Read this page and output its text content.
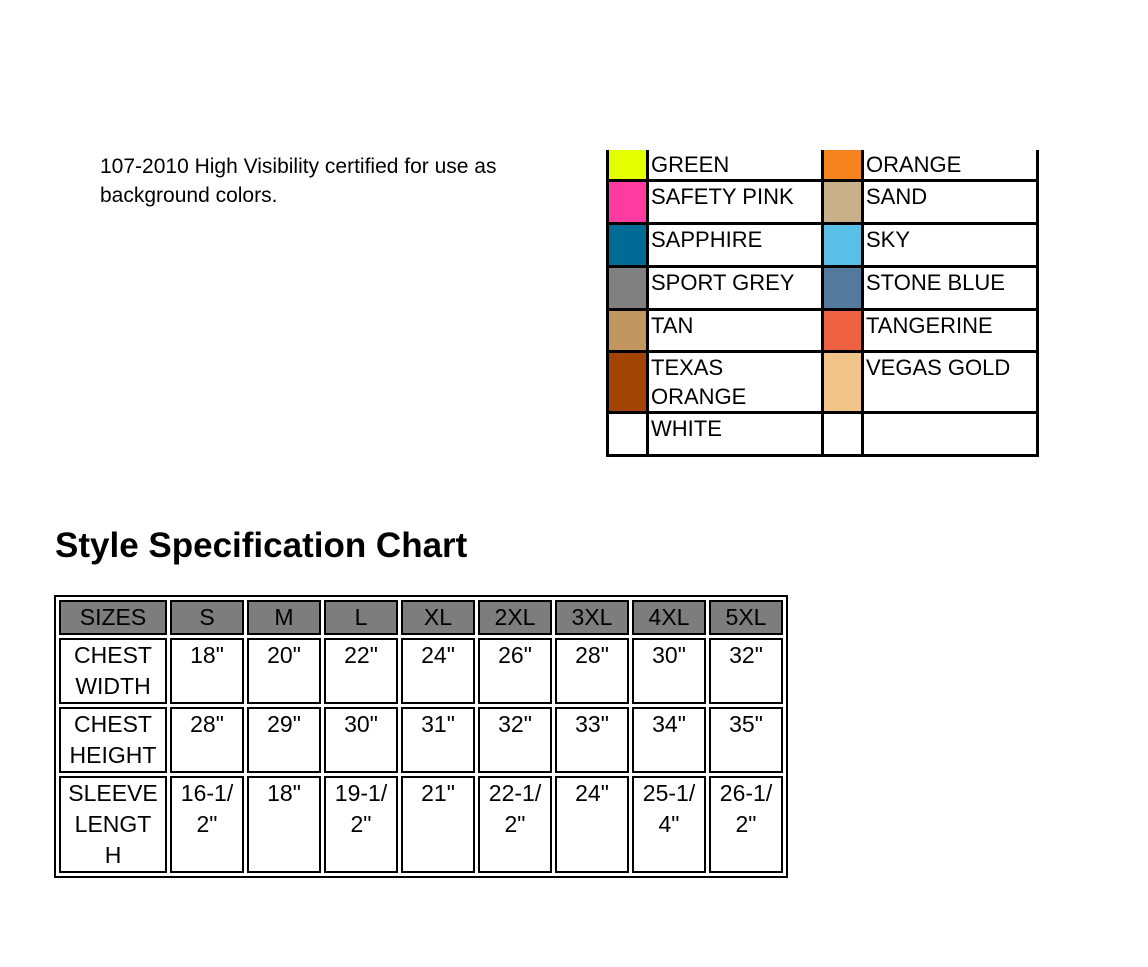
107-2010 High Visibility certified for use as background colors.

	GREEN		ORANGE

	SAFETY PINK		SAND

	SAPPHIRE		SKY

	SPORT GREY		STONE BLUE

	TAN		TANGERINE

	TEXAS
ORANGE		VEGAS GOLD

	WHITE	

Style Specification Chart
SIZES	S	M	L	XL	2XL	3XL	4XL	5XL
CHEST
WIDTH	18"	20"	22"	24"	26"	28"	30"	32"
CHEST
HEIGHT	28"	29"	30"	31"	32"	33"	34"	35"
SLEEVE
LENGT
H	16-1/
2"	18"	19-1/
2"	21"	22-1/
2"	24"	25-1/
4"	26-1/
2"
